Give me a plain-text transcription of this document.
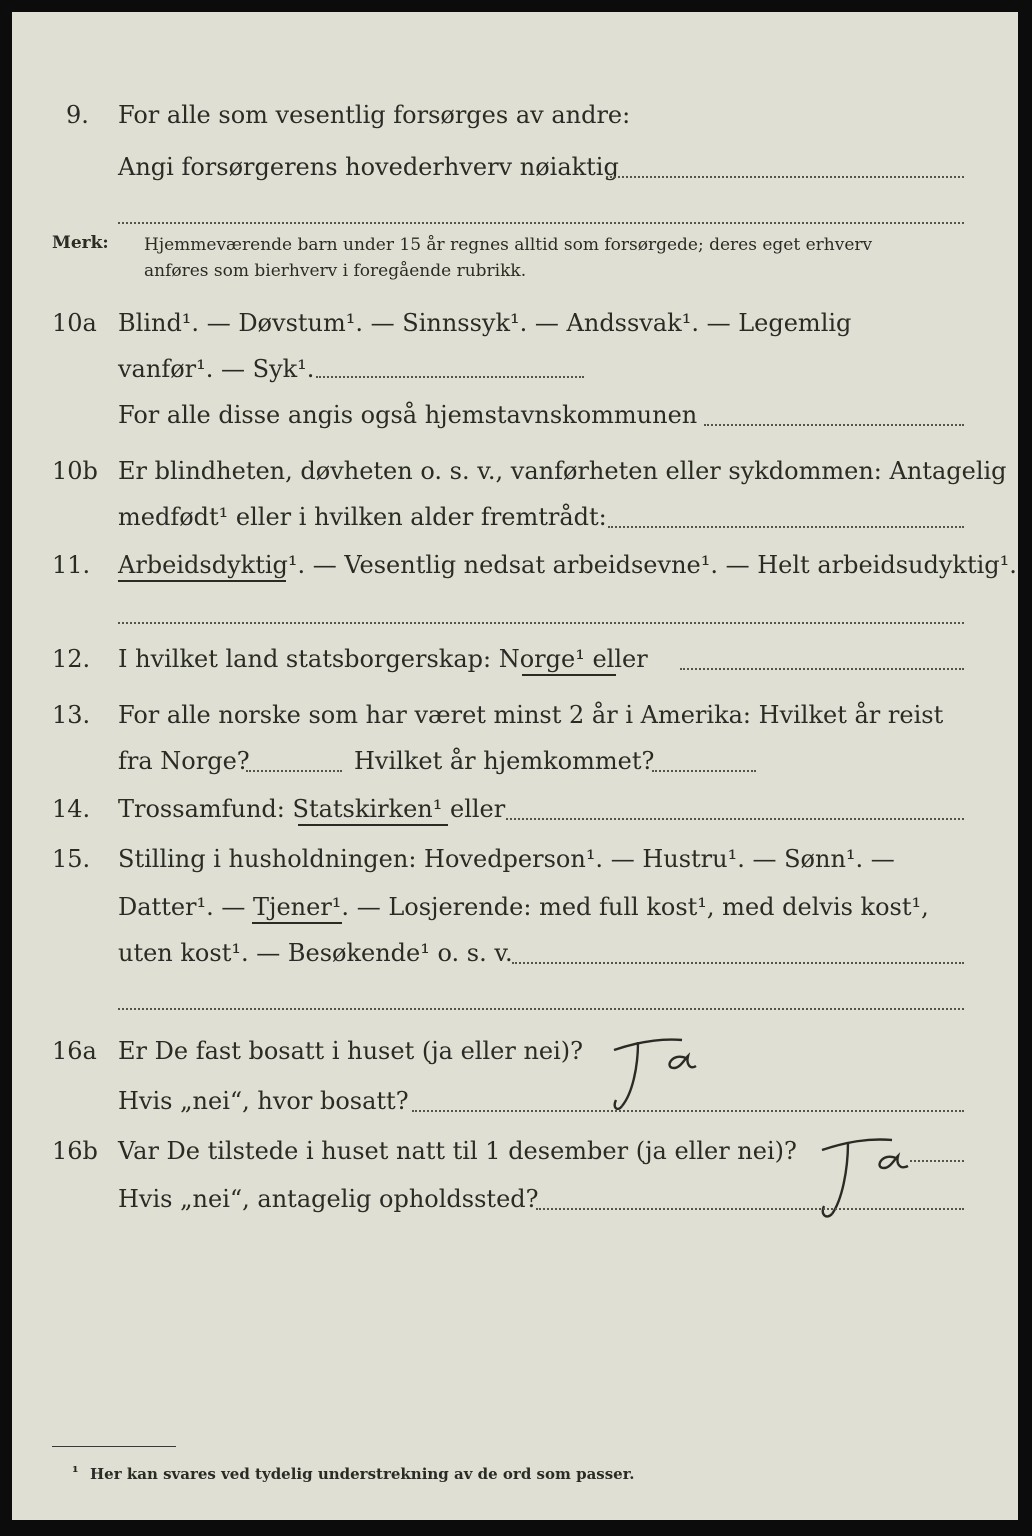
9. For alle som vesentlig forsørges av andre:
Angi forsørgerens hovederhverv nøiaktig
Merk: Hjemmeværende barn under 15 år regnes alltid som forsørgede; deres eget erhverv
anføres som bierhverv i foregående rubrikk.
10a Blind¹. — Døvstum¹. — Sinnssyk¹. — Andssvak¹. — Legemlig
vanfør¹. — Syk¹.
For alle disse angis også hjemstavnskommunen
10b Er blindheten, døvheten o. s. v., vanførheten eller sykdommen: Antagelig
medfødt¹ eller i hvilken alder fremtrådt:
11. Arbeidsdyktig¹. — Vesentlig nedsat arbeidsevne¹. — Helt arbeidsudyktig¹.
12. I hvilket land statsborgerskap: Norge¹ eller
13. For alle norske som har været minst 2 år i Amerika: Hvilket år reist
fra Norge?	Hvilket år hjemkommet?
14. Trossamfund: Statskirken¹ eller
15. Stilling i husholdningen: Hovedperson¹. — Hustru¹. — Sønn¹. —
Datter¹. — Tjener¹. — Losjerende: med full kost¹, med delvis kost¹,
uten kost¹. — Besøkende¹ o. s. v.
16a Er De fast bosatt i huset (ja eller nei)?
Hvis „nei“, hvor bosatt?
16b Var De tilstede i huset natt til 1 desember (ja eller nei)?
Hvis „nei“, antagelig opholdssted?
¹ Her kan svares ved tydelig understrekning av de ord som passer.
